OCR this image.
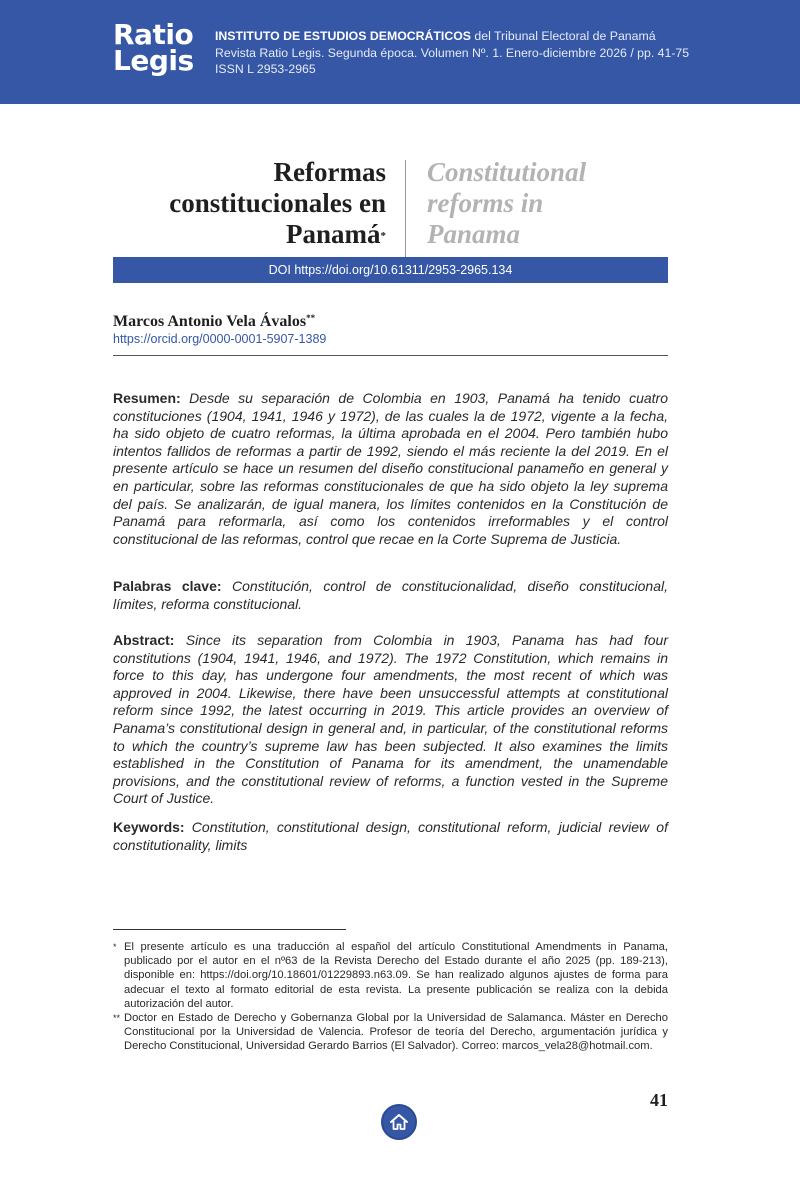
Ratio
Legis
INSTITUTO DE ESTUDIOS DEMOCRÁTICOS del Tribunal Electoral de Panamá
Revista Ratio Legis. Segunda época. Volumen Nº. 1. Enero-diciembre 2026 / pp. 41-75
ISSN L 2953-2965
Reformas
constitucionales en
Panamá*
Constitutional
reforms in
Panama
DOI https://doi.org/10.61311/2953-2965.134
Marcos Antonio Vela Ávalos**
https://orcid.org/0000-0001-5907-1389
Resumen: Desde su separación de Colombia en 1903, Panamá ha tenido cuatro constituciones (1904, 1941, 1946 y 1972), de las cuales la de 1972, vigente a la fecha, ha sido objeto de cuatro reformas, la última aprobada en el 2004. Pero también hubo intentos fallidos de reformas a partir de 1992, siendo el más reciente la del 2019. En el presente artículo se hace un resumen del diseño constitucional panameño en general y en particular, sobre las reformas constitucionales de que ha sido objeto la ley suprema del país. Se analizarán, de igual manera, los límites contenidos en la Constitución de Panamá para reformarla, así como los contenidos irreformables y el control constitucional de las reformas, control que recae en la Corte Suprema de Justicia.
Palabras clave: Constitución, control de constitucionalidad, diseño constitucional, límites, reforma constitucional.
Abstract: Since its separation from Colombia in 1903, Panama has had four constitutions (1904, 1941, 1946, and 1972). The 1972 Constitution, which remains in force to this day, has undergone four amendments, the most recent of which was approved in 2004. Likewise, there have been unsuccessful attempts at constitutional reform since 1992, the latest occurring in 2019. This article provides an overview of Panama’s constitutional design in general and, in particular, of the constitutional reforms to which the country’s supreme law has been subjected. It also examines the limits established in the Constitution of Panama for its amendment, the unamendable provisions, and the constitutional review of reforms, a function vested in the Supreme Court of Justice.
Keywords: Constitution, constitutional design, constitutional reform, judicial review of constitutionality, limits
* El presente artículo es una traducción al español del artículo Constitutional Amendments in Panama, publicado por el autor en el nº63 de la Revista Derecho del Estado durante el año 2025 (pp. 189-213), disponible en: https://doi.org/10.18601/01229893.n63.09. Se han realizado algunos ajustes de forma para adecuar el texto al formato editorial de esta revista. La presente publicación se realiza con la debida autorización del autor.
** Doctor en Estado de Derecho y Gobernanza Global por la Universidad de Salamanca. Máster en Derecho Constitucional por la Universidad de Valencia. Profesor de teoría del Derecho, argumentación jurídica y Derecho Constitucional, Universidad Gerardo Barrios (El Salvador). Correo: marcos_vela28@hotmail.com.
41
